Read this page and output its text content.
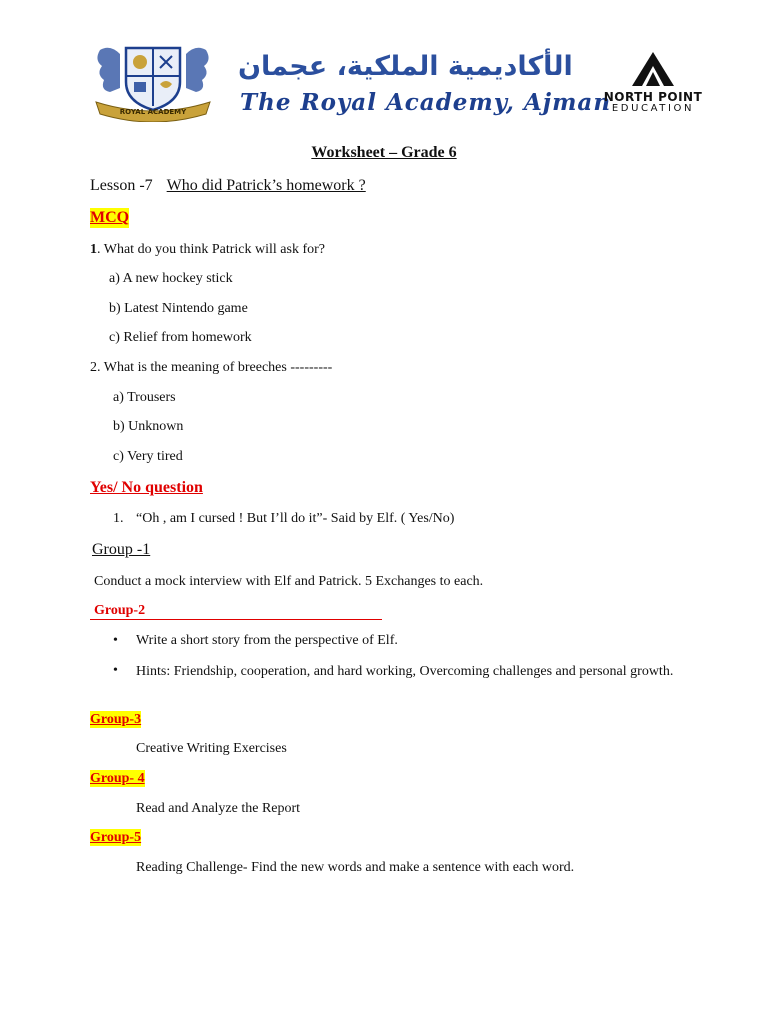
ROYAL ACADEMY
الأكاديمية الملكية، عجمان
The Royal Academy, Ajman
NORTH POINT
EDUCATION
Worksheet – Grade 6
Lesson -7 Who did Patrick’s homework ?
MCQ
1. What do you think Patrick will ask for?
a) A new hockey stick
b) Latest Nintendo game
c) Relief from homework
2. What is the meaning of breeches ---------
a) Trousers
b) Unknown
c) Very tired
Yes/ No question
1. “Oh , am I cursed ! But I’ll do it”- Said by Elf. ( Yes/No)
Group -1
Conduct a mock interview with Elf and Patrick. 5 Exchanges to each.
Group-2
• Write a short story from the perspective of Elf.
• Hints: Friendship, cooperation, and hard working, Overcoming challenges and personal growth.
Group-3
Creative Writing Exercises
Group- 4
Read and Analyze the Report
Group-5
Reading Challenge- Find the new words and make a sentence with each word.
